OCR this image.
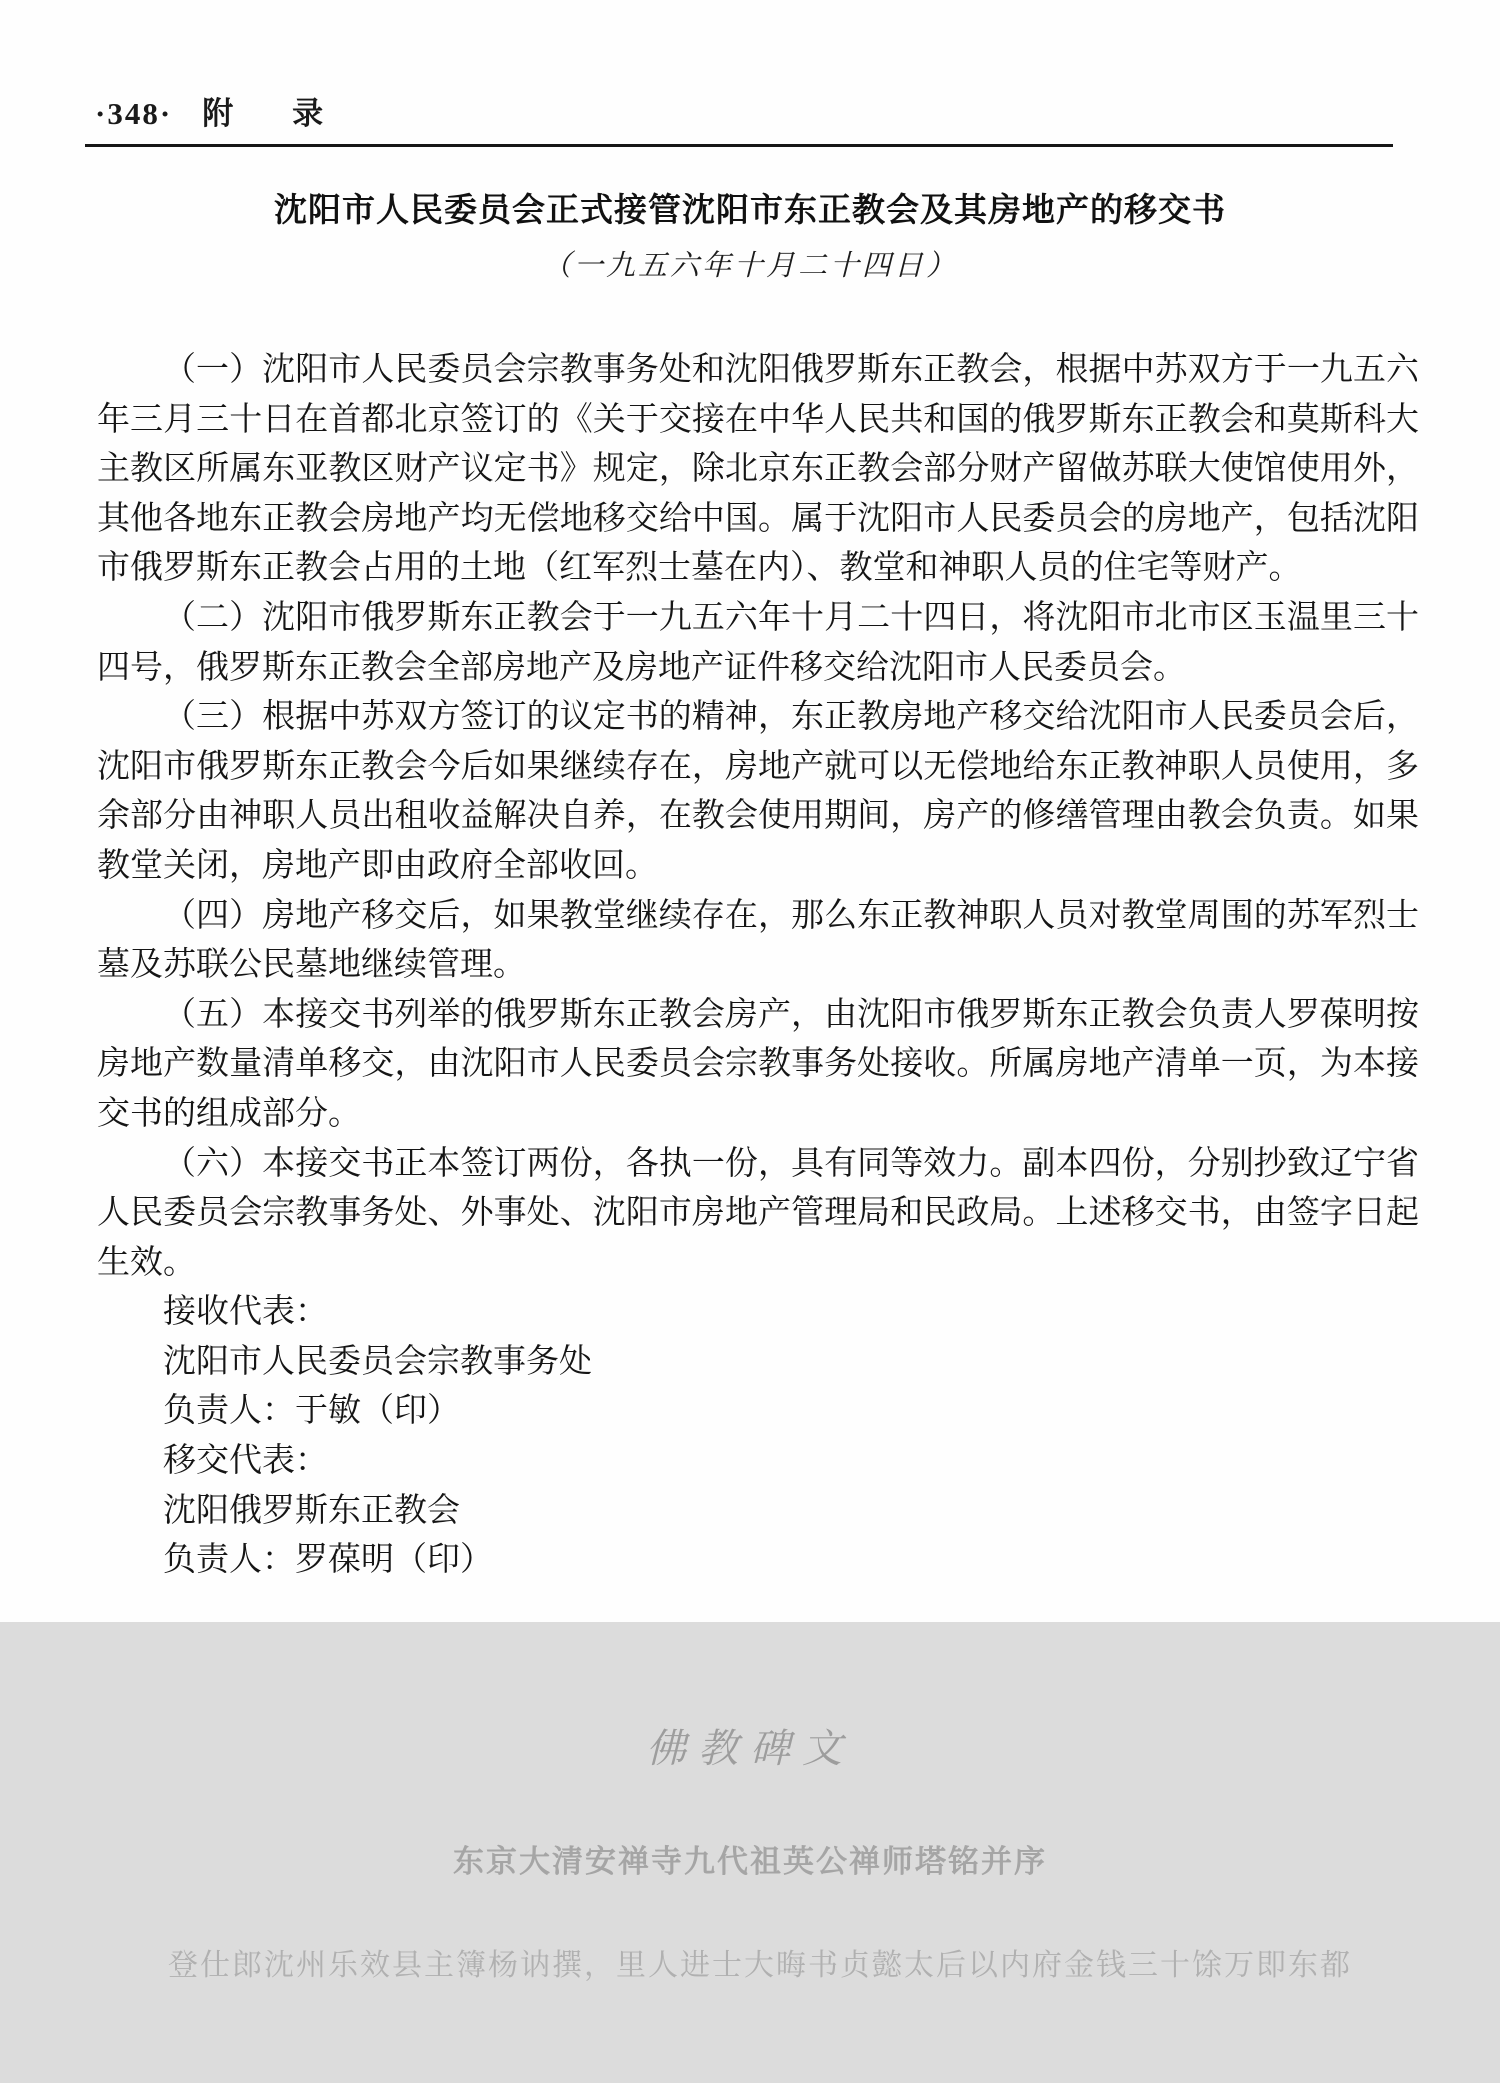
·348· 附　录
沈阳市人民委员会正式接管沈阳市东正教会及其房地产的移交书
（一九五六年十月二十四日）

（一）沈阳市人民委员会宗教事务处和沈阳俄罗斯东正教会，根据中苏双方于一九五六年三月三十日在首都北京签订的《关于交接在中华人民共和国的俄罗斯东正教会和莫斯科大主教区所属东亚教区财产议定书》规定，除北京东正教会部分财产留做苏联大使馆使用外，其他各地东正教会房地产均无偿地移交给中国。属于沈阳市人民委员会的房地产，包括沈阳市俄罗斯东正教会占用的土地（红军烈士墓在内）、教堂和神职人员的住宅等财产。

（二）沈阳市俄罗斯东正教会于一九五六年十月二十四日，将沈阳市北市区玉温里三十四号，俄罗斯东正教会全部房地产及房地产证件移交给沈阳市人民委员会。

（三）根据中苏双方签订的议定书的精神，东正教房地产移交给沈阳市人民委员会后，沈阳市俄罗斯东正教会今后如果继续存在，房地产就可以无偿地给东正教神职人员使用，多余部分由神职人员出租收益解决自养，在教会使用期间，房产的修缮管理由教会负责。如果教堂关闭，房地产即由政府全部收回。

（四）房地产移交后，如果教堂继续存在，那么东正教神职人员对教堂周围的苏军烈士墓及苏联公民墓地继续管理。

（五）本接交书列举的俄罗斯东正教会房产，由沈阳市俄罗斯东正教会负责人罗葆明按房地产数量清单移交，由沈阳市人民委员会宗教事务处接收。所属房地产清单一页，为本接交书的组成部分。

（六）本接交书正本签订两份，各执一份，具有同等效力。副本四份，分别抄致辽宁省人民委员会宗教事务处、外事处、沈阳市房地产管理局和民政局。上述移交书，由签字日起生效。

接收代表：

沈阳市人民委员会宗教事务处

负责人：于敏（印）

移交代表：

沈阳俄罗斯东正教会

负责人：罗葆明（印）

佛教碑文
东京大清安禅寺九代祖英公禅师塔铭并序
登仕郎沈州乐效县主簿杨讷撰，里人进士大晦书贞懿太后以内府金钱三十馀万即东都
